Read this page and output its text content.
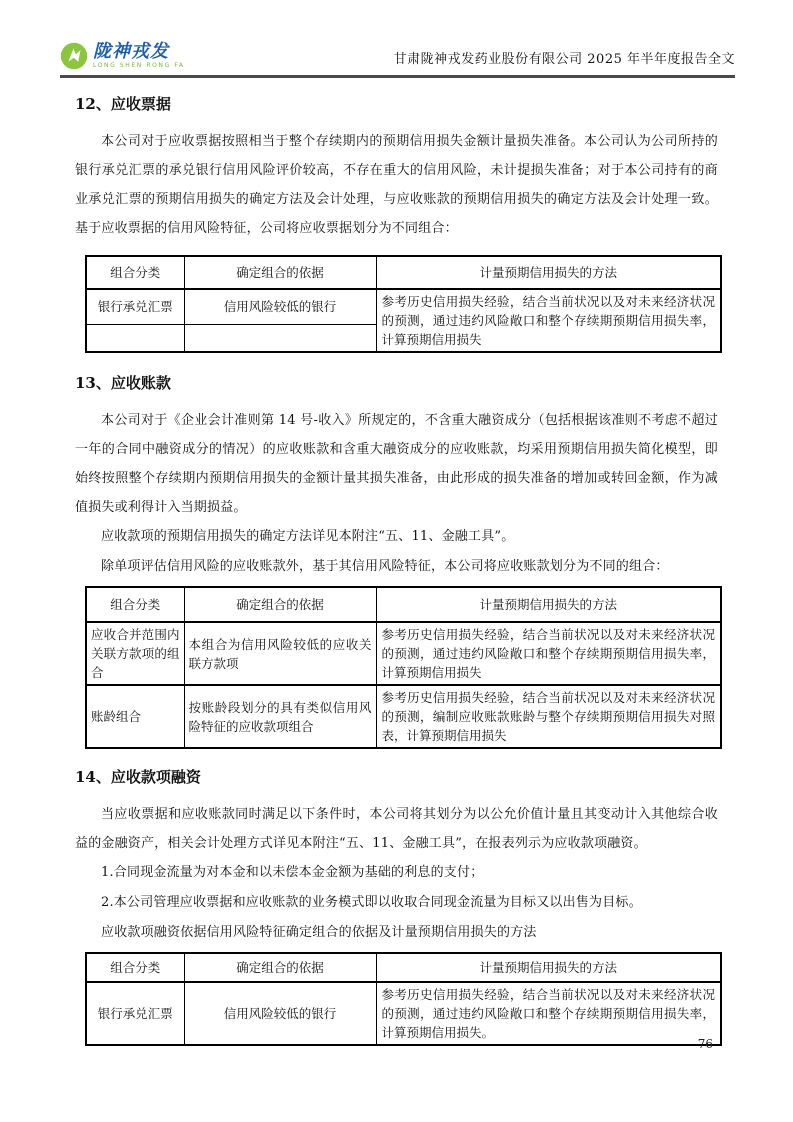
陇神戎发
LONG SHEN RONG FA	甘肃陇神戎发药业股份有限公司 2025 年半年度报告全文
12、应收票据

本公司对于应收票据按照相当于整个存续期内的预期信用损失金额计量损失准备。本公司认为公司所持的银行承兑汇票的承兑银行信用风险评价较高，不存在重大的信用风险，未计提损失准备；对于本公司持有的商业承兑汇票的预期信用损失的确定方法及会计处理，与应收账款的预期信用损失的确定方法及会计处理一致。基于应收票据的信用风险特征，公司将应收票据划分为不同组合：

组合分类	确定组合的依据	计量预期信用损失的方法
银行承兑汇票	信用风险较低的银行	参考历史信用损失经验，结合当前状况以及对未来经济状况的预测，通过违约风险敞口和整个存续期预期信用损失率，计算预期信用损失

13、应收账款

本公司对于《企业会计准则第 14 号-收入》所规定的，不含重大融资成分（包括根据该准则不考虑不超过一年的合同中融资成分的情况）的应收账款和含重大融资成分的应收账款，均采用预期信用损失简化模型，即始终按照整个存续期内预期信用损失的金额计量其损失准备，由此形成的损失准备的增加或转回金额，作为减值损失或利得计入当期损益。

应收款项的预期信用损失的确定方法详见本附注“五、11、金融工具”。

除单项评估信用风险的应收账款外，基于其信用风险特征，本公司将应收账款划分为不同的组合：

组合分类	确定组合的依据	计量预期信用损失的方法
应收合并范围内关联方款项的组合	本组合为信用风险较低的应收关联方款项	参考历史信用损失经验，结合当前状况以及对未来经济状况的预测，通过违约风险敞口和整个存续期预期信用损失率，计算预期信用损失
账龄组合	按账龄段划分的具有类似信用风险特征的应收款项组合	参考历史信用损失经验，结合当前状况以及对未来经济状况的预测，编制应收账款账龄与整个存续期预期信用损失对照表，计算预期信用损失
14、应收款项融资

当应收票据和应收账款同时满足以下条件时，本公司将其划分为以公允价值计量且其变动计入其他综合收益的金融资产，相关会计处理方式详见本附注“五、11、金融工具”，在报表列示为应收款项融资。

1.合同现金流量为对本金和以未偿本金金额为基础的利息的支付；

2.本公司管理应收票据和应收账款的业务模式即以收取合同现金流量为目标又以出售为目标。

应收款项融资依据信用风险特征确定组合的依据及计量预期信用损失的方法

组合分类	确定组合的依据	计量预期信用损失的方法
银行承兑汇票	信用风险较低的银行	参考历史信用损失经验，结合当前状况以及对未来经济状况的预测，通过违约风险敞口和整个存续期预期信用损失率，计算预期信用损失。
76
